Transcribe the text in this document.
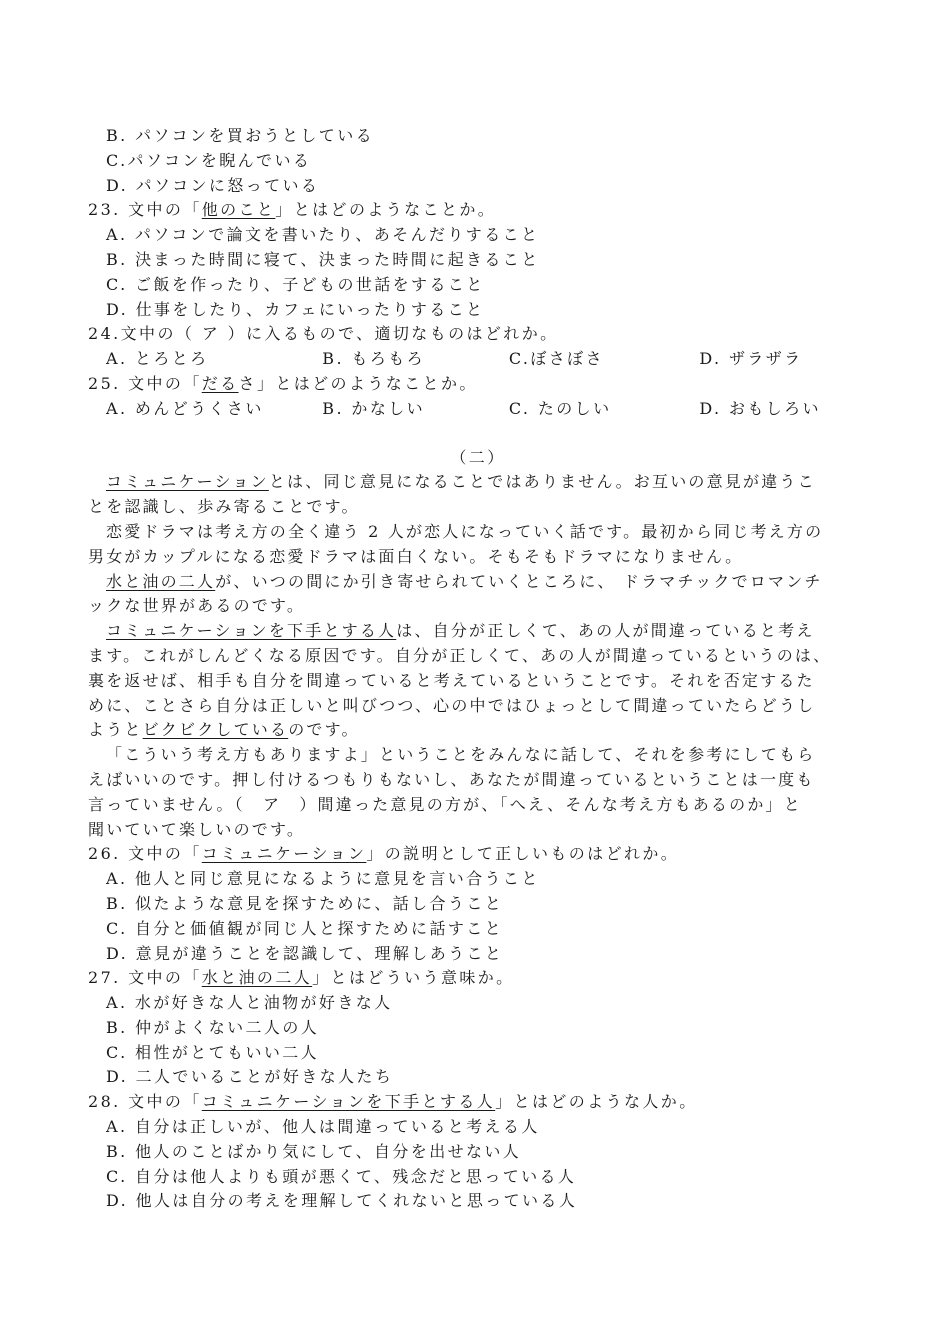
B. パソコンを買おうとしている
C.パソコンを睨んでいる
D. パソコンに怒っている
23. 文中の「他のこと」とはどのようなことか。
A. パソコンで論文を書いたり、あそんだりすること
B. 決まった時間に寝て、決まった時間に起きること
C. ご飯を作ったり、子どもの世話をすること
D. 仕事をしたり、カフェにいったりすること
24.文中の（ ア ）に入るもので、適切なものはどれか。
A. とろとろ	B. もろもろ	C.ぼさぼさ	D. ザラザラ
25. 文中の「だるさ」とはどのようなことか。
A. めんどうくさい	B. かなしい	C. たのしい	D. おもしろい
（二）
コミュニケーションとは、同じ意見になることではありません。お互いの意見が違うこ
とを認識し、歩み寄ることです。
恋愛ドラマは考え方の全く違う 2 人が恋人になっていく話です。最初から同じ考え方の
男女がカップルになる恋愛ドラマは面白くない。そもそもドラマになりません。
水と油の二人が、いつの間にか引き寄せられていくところに、 ドラマチックでロマンチ
ックな世界があるのです。
コミュニケーションを下手とする人は、自分が正しくて、あの人が間違っていると考え
ます。これがしんどくなる原因です。自分が正しくて、あの人が間違っているというのは、
裏を返せば、相手も自分を間違っていると考えているということです。それを否定するた
めに、ことさら自分は正しいと叫びつつ、心の中ではひょっとして間違っていたらどうし
ようとビクビクしているのです。
「こういう考え方もありますよ」ということをみんなに話して、それを参考にしてもら
えばいいのです。押し付けるつもりもないし、あなたが間違っているということは一度も
言っていません。（　ア　）間違った意見の方が、「へえ、そんな考え方もあるのか」と
聞いていて楽しいのです。
26. 文中の「コミュニケーション」の説明として正しいものはどれか。
A. 他人と同じ意見になるように意見を言い合うこと
B. 似たような意見を探すために、話し合うこと
C. 自分と価値観が同じ人と探すために話すこと
D. 意見が違うことを認識して、理解しあうこと
27. 文中の「水と油の二人」とはどういう意味か。
A. 水が好きな人と油物が好きな人
B. 仲がよくない二人の人
C. 相性がとてもいい二人
D. 二人でいることが好きな人たち
28. 文中の「コミュニケーションを下手とする人」とはどのような人か。
A. 自分は正しいが、他人は間違っていると考える人
B. 他人のことばかり気にして、自分を出せない人
C. 自分は他人よりも頭が悪くて、残念だと思っている人
D. 他人は自分の考えを理解してくれないと思っている人
